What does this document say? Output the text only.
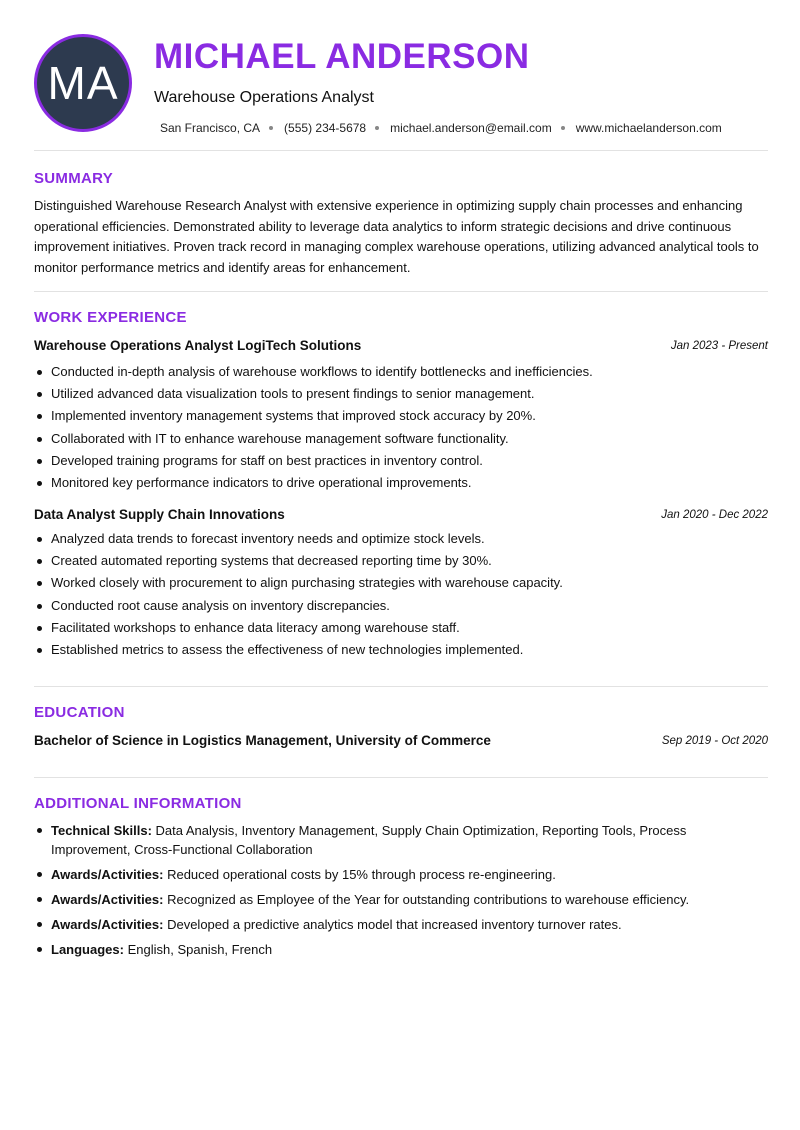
MA
MICHAEL ANDERSON
Warehouse Operations Analyst
San Francisco, CA (555) 234-5678 michael.anderson@email.com www.michaelanderson.com
SUMMARY

Distinguished Warehouse Research Analyst with extensive experience in optimizing supply chain processes and enhancing operational efficiencies. Demonstrated ability to leverage data analytics to inform strategic decisions and drive continuous improvement initiatives. Proven track record in managing complex warehouse operations, utilizing advanced analytical tools to monitor performance metrics and identify areas for enhancement.

WORK EXPERIENCE
Warehouse Operations Analyst LogiTech Solutions	Jan 2023 - Present
Conducted in-depth analysis of warehouse workflows to identify bottlenecks and inefficiencies.
Utilized advanced data visualization tools to present findings to senior management.
Implemented inventory management systems that improved stock accuracy by 20%.
Collaborated with IT to enhance warehouse management software functionality.
Developed training programs for staff on best practices in inventory control.
Monitored key performance indicators to drive operational improvements.
Data Analyst Supply Chain Innovations	Jan 2020 - Dec 2022
Analyzed data trends to forecast inventory needs and optimize stock levels.
Created automated reporting systems that decreased reporting time by 30%.
Worked closely with procurement to align purchasing strategies with warehouse capacity.
Conducted root cause analysis on inventory discrepancies.
Facilitated workshops to enhance data literacy among warehouse staff.
Established metrics to assess the effectiveness of new technologies implemented.
EDUCATION
Bachelor of Science in Logistics Management, University of Commerce	Sep 2019 - Oct 2020
ADDITIONAL INFORMATION
Technical Skills: Data Analysis, Inventory Management, Supply Chain Optimization, Reporting Tools, Process Improvement, Cross-Functional Collaboration
Awards/Activities: Reduced operational costs by 15% through process re-engineering.
Awards/Activities: Recognized as Employee of the Year for outstanding contributions to warehouse efficiency.
Awards/Activities: Developed a predictive analytics model that increased inventory turnover rates.
Languages: English, Spanish, French
